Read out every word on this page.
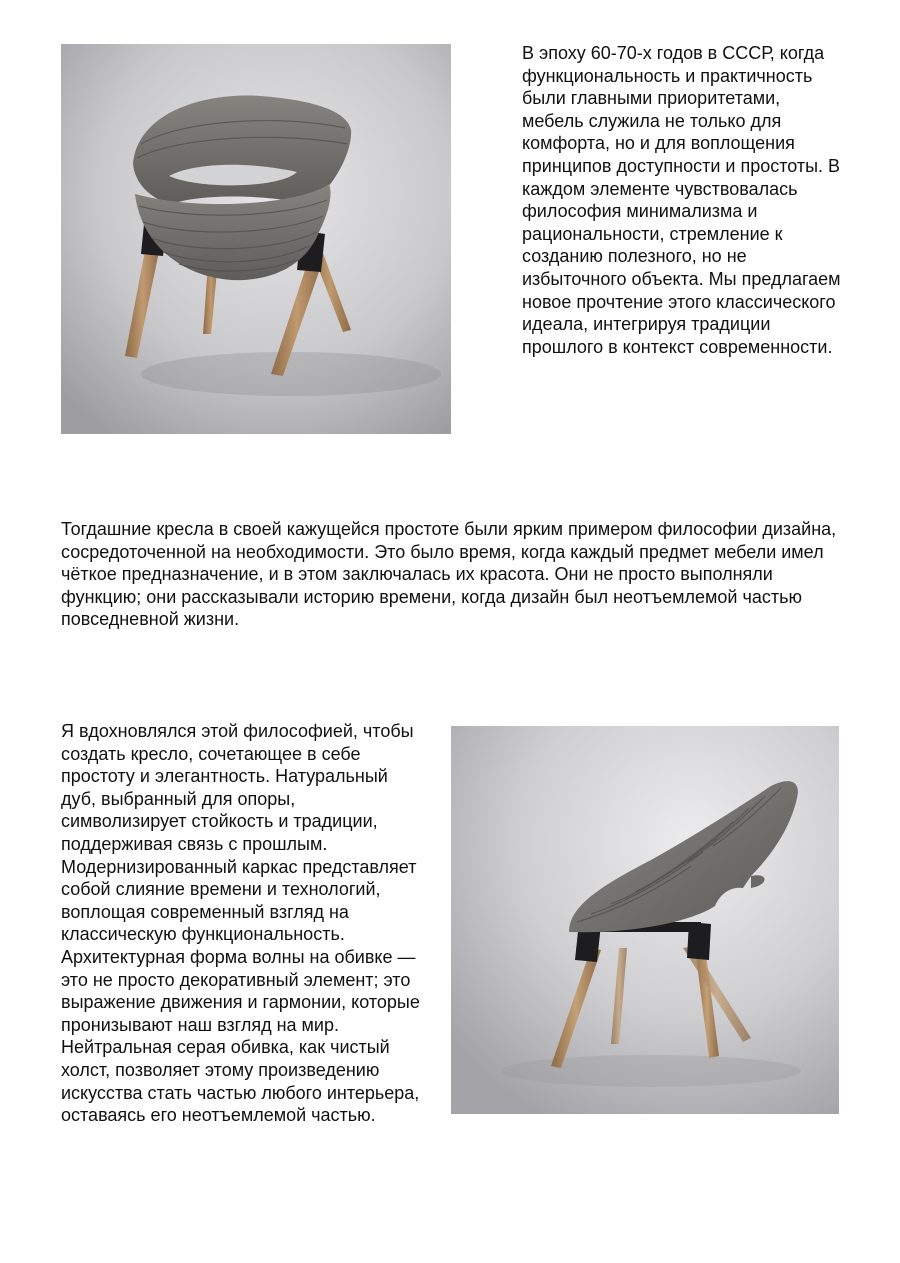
В эпоху 60-70-х годов в СССР, когда функциональность и практичность были главными приоритетами, мебель служила не только для комфорта, но и для воплощения принципов доступности и простоты. В каждом элементе чувствовалась философия минимализма и рациональности, стремление к созданию полезного, но не избыточного объекта. Мы предлагаем новое прочтение этого классического идеала, интегрируя традиции прошлого в контекст современности.

Тогдашние кресла в своей кажущейся простоте были ярким примером философии дизайна, сосредоточенной на необходимости. Это было время, когда каждый предмет мебели имел чёткое предназначение, и в этом заключалась их красота. Они не просто выполняли функцию; они рассказывали историю времени, когда дизайн был неотъемлемой частью повседневной жизни.

Я вдохновлялся этой философией, чтобы создать кресло, сочетающее в себе простоту и элегантность. Натуральный дуб, выбранный для опоры, символизирует стойкость и традиции, поддерживая связь с прошлым. Модернизированный каркас представляет собой слияние времени и технологий, воплощая современный взгляд на классическую функциональность. Архитектурная форма волны на обивке — это не просто декоративный элемент; это выражение движения и гармонии, которые пронизывают наш взгляд на мир. Нейтральная серая обивка, как чистый холст, позволяет этому произведению искусства стать частью любого интерьера, оставаясь его неотъемлемой частью.
